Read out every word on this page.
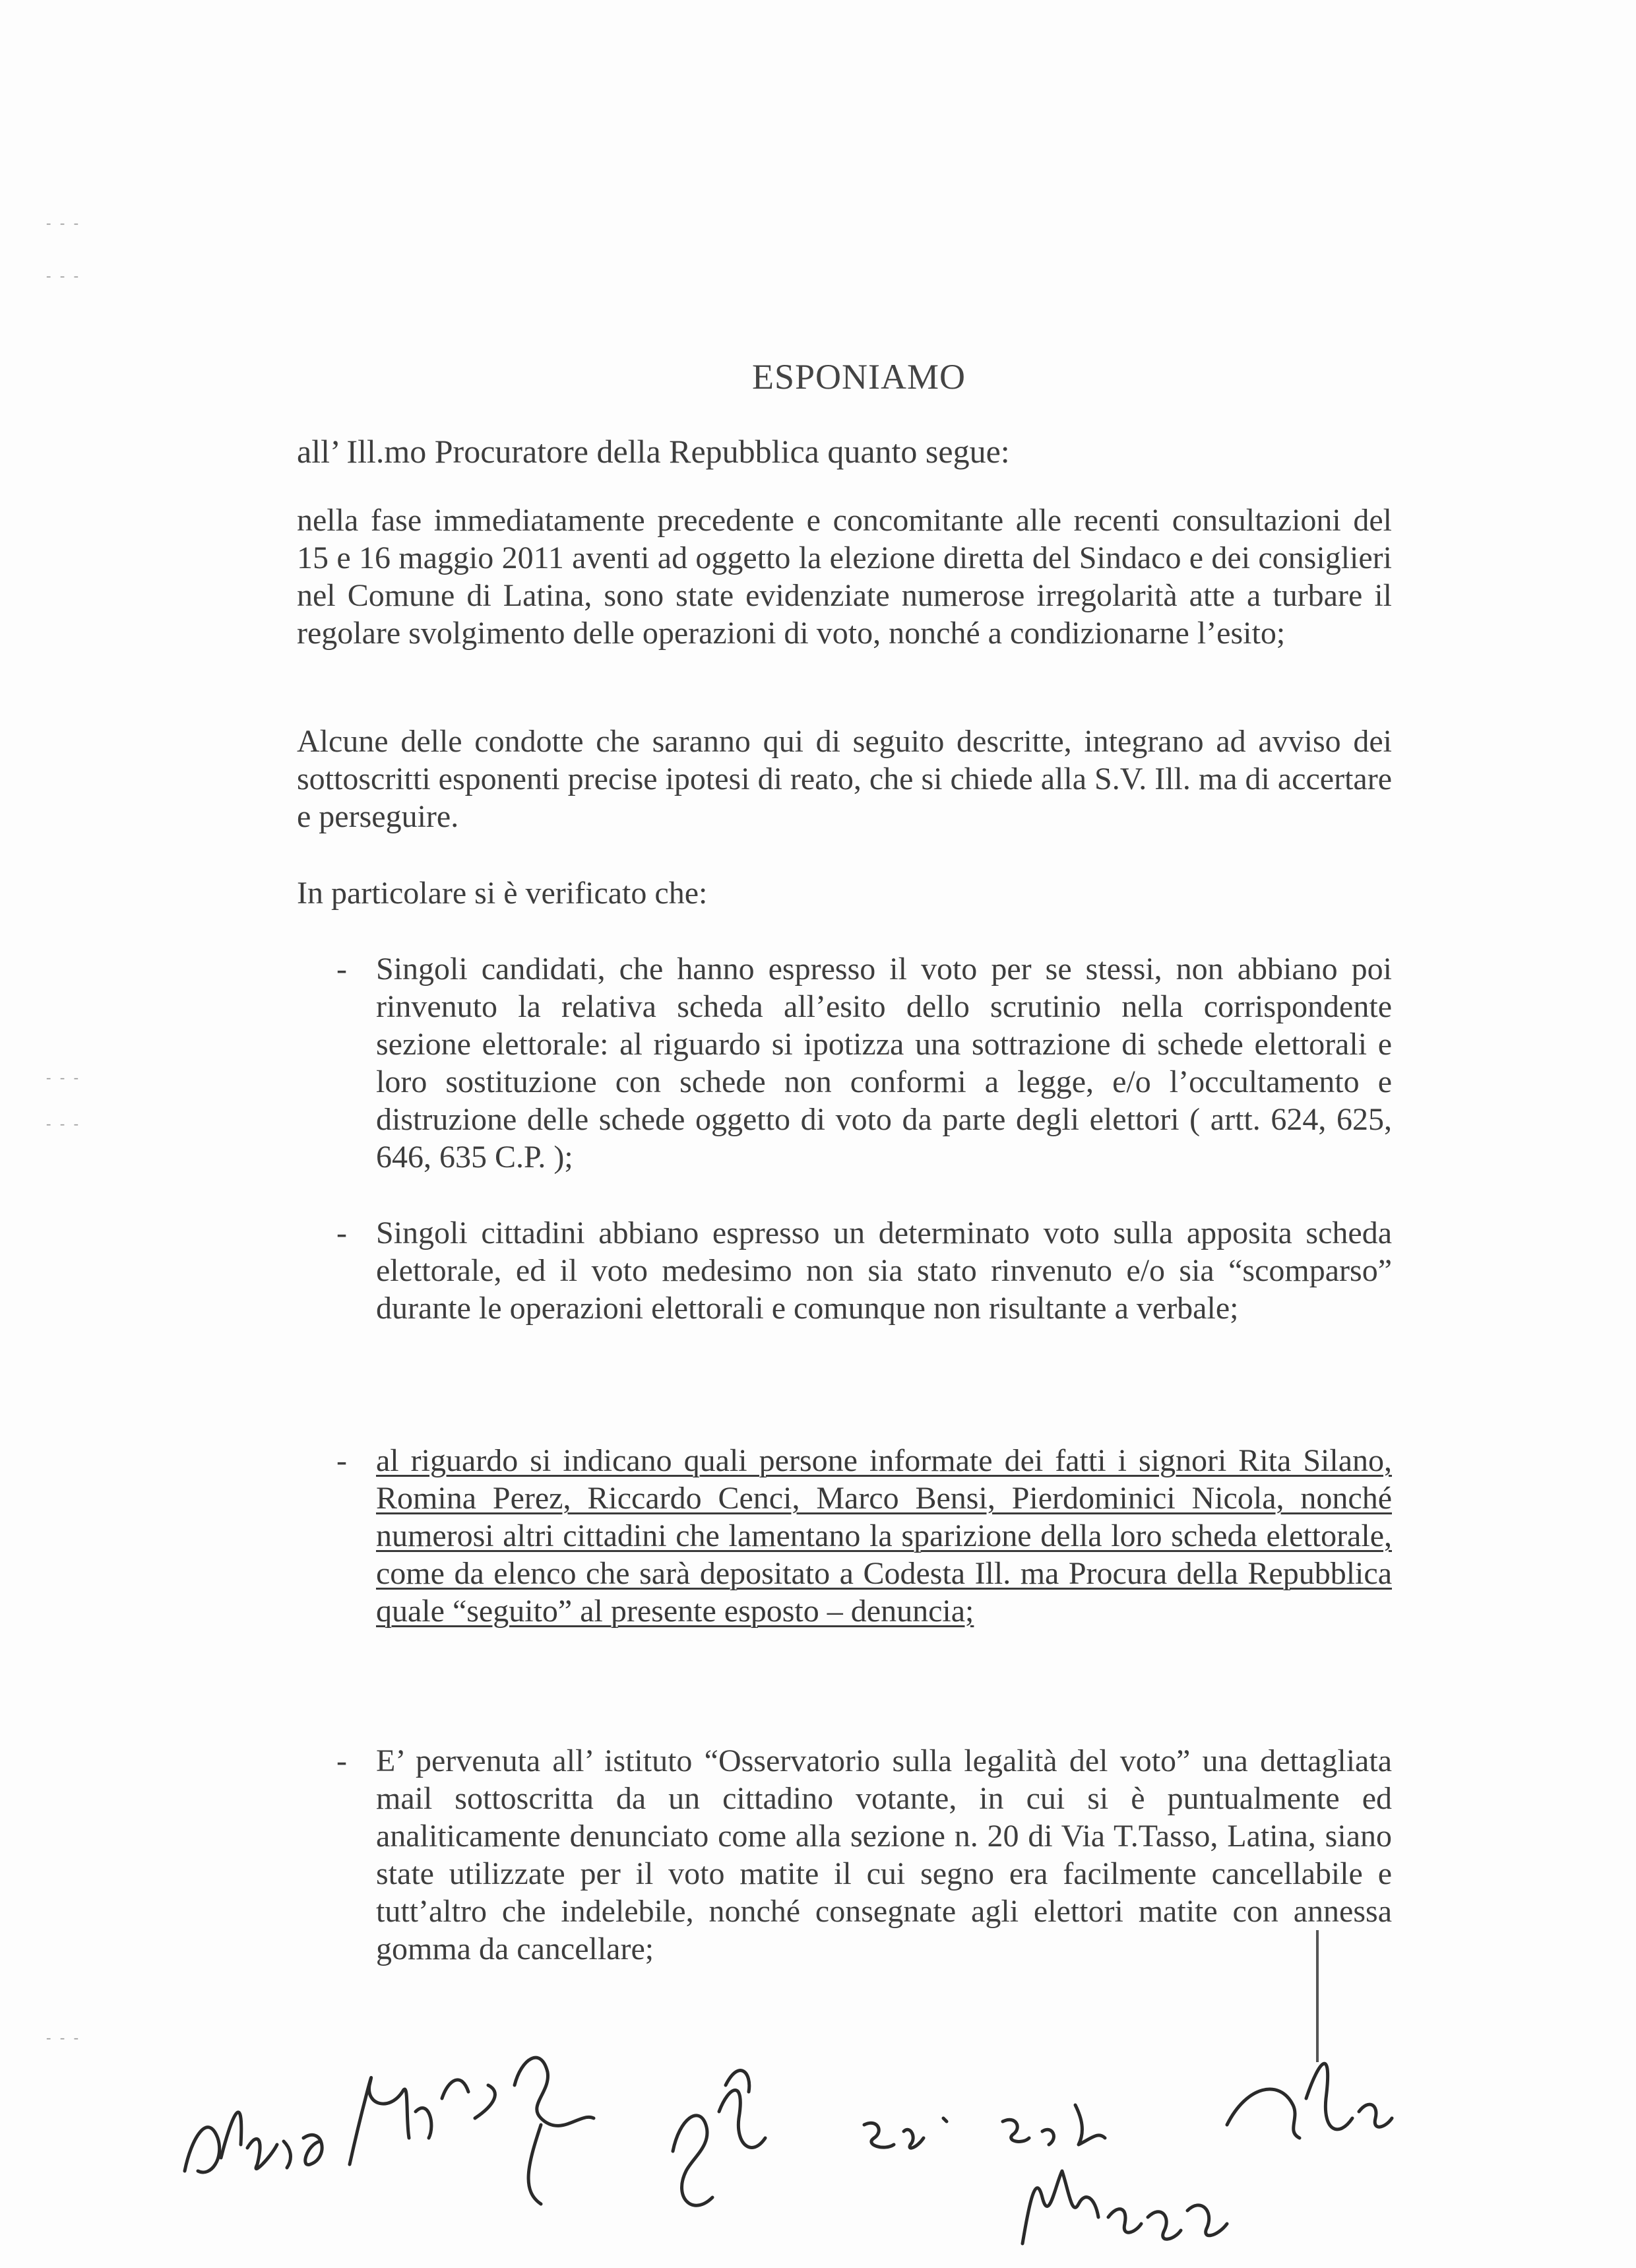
- - -
- - -
- - -
- - -
- - -
ESPONIAMO
all’ Ill.mo Procuratore della Repubblica quanto segue:
nella fase immediatamente precedente e concomitante alle recenti consultazioni del 15 e 16 maggio 2011 aventi ad oggetto la elezione diretta del Sindaco e dei consiglieri nel Comune di Latina, sono state evidenziate numerose irregolarità atte a turbare il regolare svolgimento delle operazioni di voto, nonché a condizionarne l’esito;
Alcune delle condotte che saranno qui di seguito descritte, integrano ad avviso dei sottoscritti esponenti precise ipotesi di reato, che si chiede alla S.V. Ill. ma di accertare e perseguire.
In particolare si è verificato che:
- Singoli candidati, che hanno espresso il voto per se stessi, non abbiano poi rinvenuto la relativa scheda all’esito dello scrutinio nella corrispondente sezione elettorale: al riguardo si ipotizza una sottrazione di schede elettorali e loro sostituzione con schede non conformi a legge, e/o l’occultamento e distruzione delle schede oggetto di voto da parte degli elettori ( artt. 624, 625, 646, 635 C.P. );
- Singoli cittadini abbiano espresso un determinato voto sulla apposita scheda elettorale, ed il voto medesimo non sia stato rinvenuto e/o sia “scomparso” durante le operazioni elettorali e comunque non risultante a verbale;
- al riguardo si indicano quali persone informate dei fatti i signori Rita Silano, Romina Perez, Riccardo Cenci, Marco Bensi, Pierdominici Nicola, nonché numerosi altri cittadini che lamentano la sparizione della loro scheda elettorale, come da elenco che sarà depositato a Codesta Ill. ma Procura della Repubblica quale “seguito” al presente esposto – denuncia;
- E’ pervenuta all’ istituto “Osservatorio sulla legalità del voto” una dettagliata mail sottoscritta da un cittadino votante, in cui si è puntualmente ed analiticamente denunciato come alla sezione n. 20 di Via T.Tasso, Latina, siano state utilizzate per il voto matite il cui segno era facilmente cancellabile e tutt’altro che indelebile, nonché consegnate agli elettori matite con annessa gomma da cancellare;
